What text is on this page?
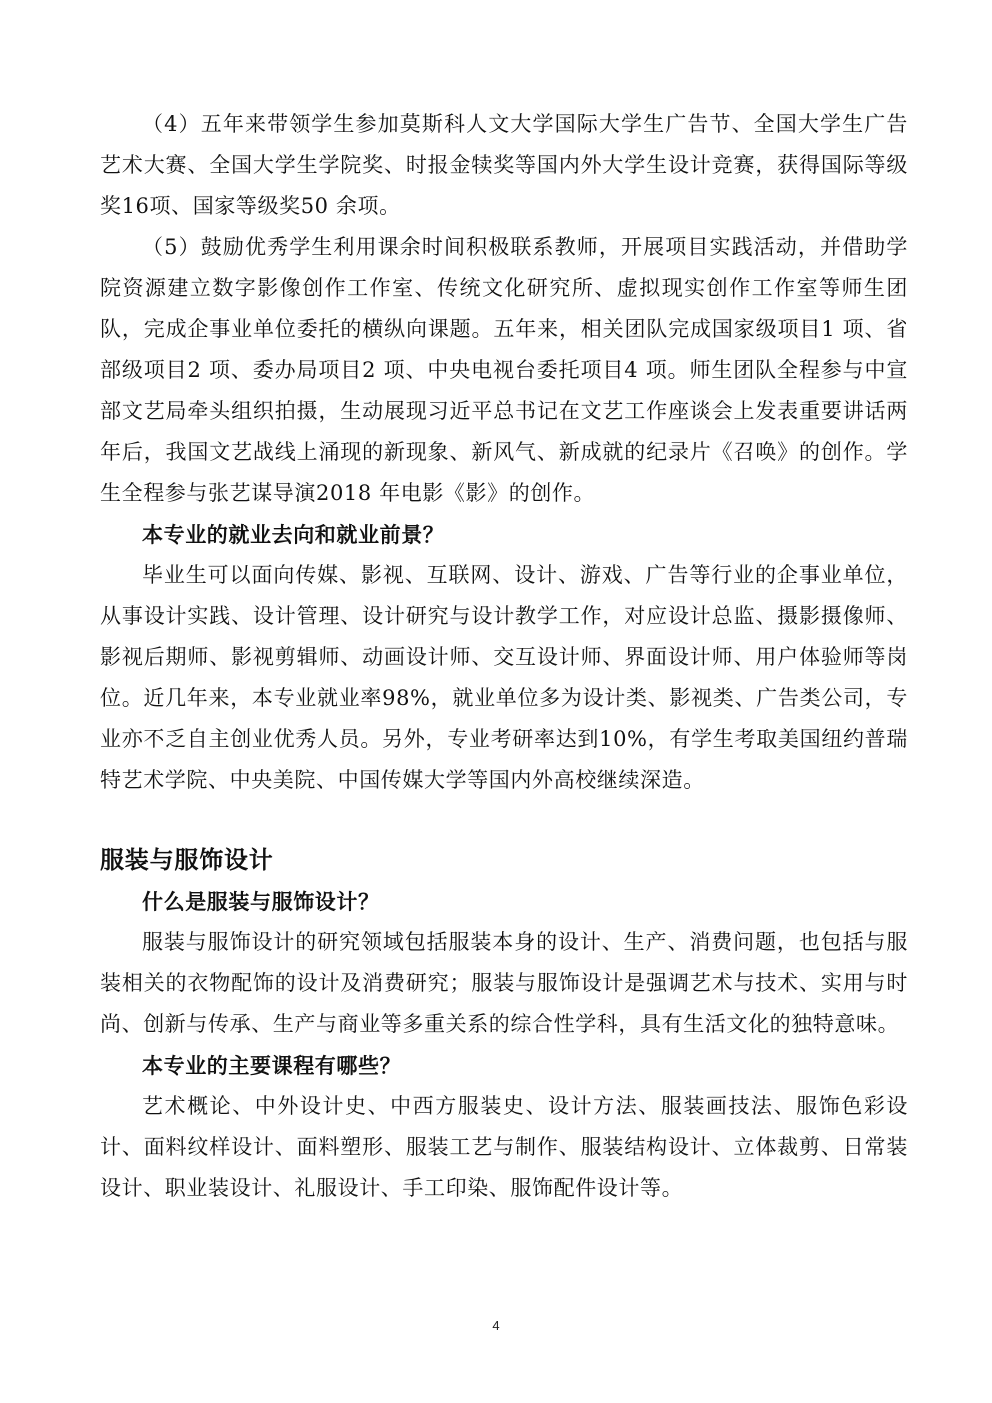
（4）五年来带领学生参加莫斯科人文大学国际大学生广告节、全国大学生广告艺术大赛、全国大学生学院奖、时报金犊奖等国内外大学生设计竞赛，获得国际等级奖16项、国家等级奖50 余项。

（5）鼓励优秀学生利用课余时间积极联系教师，开展项目实践活动，并借助学院资源建立数字影像创作工作室、传统文化研究所、虚拟现实创作工作室等师生团队，完成企事业单位委托的横纵向课题。五年来，相关团队完成国家级项目1 项、省部级项目2 项、委办局项目2 项、中央电视台委托项目4 项。师生团队全程参与中宣部文艺局牵头组织拍摄，生动展现习近平总书记在文艺工作座谈会上发表重要讲话两年后，我国文艺战线上涌现的新现象、新风气、新成就的纪录片《召唤》的创作。学生全程参与张艺谋导演2018 年电影《影》的创作。

本专业的就业去向和就业前景？

毕业生可以面向传媒、影视、互联网、设计、游戏、广告等行业的企事业单位，从事设计实践、设计管理、设计研究与设计教学工作，对应设计总监、摄影摄像师、影视后期师、影视剪辑师、动画设计师、交互设计师、界面设计师、用户体验师等岗位。近几年来，本专业就业率98%，就业单位多为设计类、影视类、广告类公司，专业亦不乏自主创业优秀人员。另外，专业考研率达到10%，有学生考取美国纽约普瑞特艺术学院、中央美院、中国传媒大学等国内外高校继续深造。

服装与服饰设计

什么是服装与服饰设计？

服装与服饰设计的研究领域包括服装本身的设计、生产、消费问题，也包括与服装相关的衣物配饰的设计及消费研究；服装与服饰设计是强调艺术与技术、实用与时尚、创新与传承、生产与商业等多重关系的综合性学科，具有生活文化的独特意味。

本专业的主要课程有哪些？

艺术概论、中外设计史、中西方服装史、设计方法、服装画技法、服饰色彩设计、面料纹样设计、面料塑形、服装工艺与制作、服装结构设计、立体裁剪、日常装设计、职业装设计、礼服设计、手工印染、服饰配件设计等。

4
